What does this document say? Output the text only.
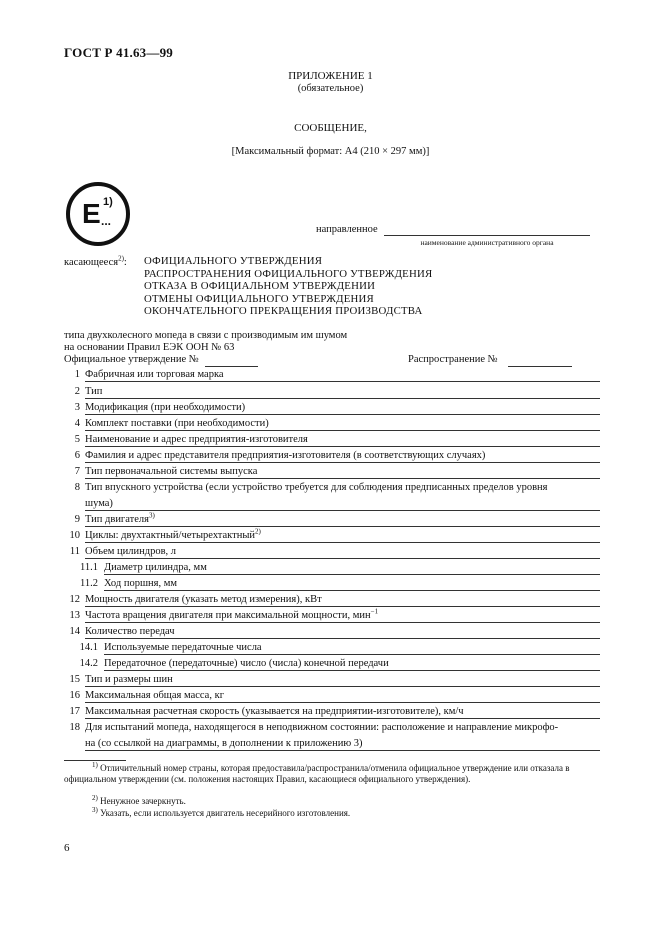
ГОСТ Р 41.63—99
ПРИЛОЖЕНИЕ 1
(обязательное)
СООБЩЕНИЕ,
[Максимальный формат: А4 (210 × 297 мм)]
E 1)
...
направленное
наименование административного органа
касающееся$^{2)}$: ОФИЦИАЛЬНОГО УТВЕРЖДЕНИЯ
РАСПРОСТРАНЕНИЯ ОФИЦИАЛЬНОГО УТВЕРЖДЕНИЯ
ОТКАЗА В ОФИЦИАЛЬНОМ УТВЕРЖДЕНИИ
ОТМЕНЫ ОФИЦИАЛЬНОГО УТВЕРЖДЕНИЯ
ОКОНЧАТЕЛЬНОГО ПРЕКРАЩЕНИЯ ПРОИЗВОДСТВА
типа двухколесного мопеда в связи с производимым им шумом
на основании Правил ЕЭК ООН № 63
Официальное утверждение №	Распространение №
1 Фабричная или торговая марка
2 Тип
3 Модификация (при необходимости)
4 Комплект поставки (при необходимости)
5 Наименование и адрес предприятия-изготовителя
6 Фамилия и адрес представителя предприятия-изготовителя (в соответствующих случаях)
7 Тип первоначальной системы выпуска
8 Тип впускного устройства (если устройство требуется для соблюдения предписанных пределов уровня
шума)
9 Тип двигателя$^{3)}$
10 Циклы: двухтактный/четырехтактный$^{2)}$
11 Объем цилиндров, л
11.1 Диаметр цилиндра, мм
11.2 Ход поршня, мм
12 Мощность двигателя (указать метод измерения), кВт
13 Частота вращения двигателя при максимальной мощности, мин$^{-1}$
14 Количество передач
14.1 Используемые передаточные числа
14.2 Передаточное (передаточные) число (числа) конечной передачи
15 Тип и размеры шин
16 Максимальная общая масса, кг
17 Максимальная расчетная скорость (указывается на предприятии-изготовителе), км/ч
18 Для испытаний мопеда, находящегося в неподвижном состоянии: расположение и направление микрофо-
на (со ссылкой на диаграммы, в дополнении к приложению 3)
$^{1)}$ Отличительный номер страны, которая предоставила/распространила/отменила официальное утверждение или отказала в официальном утверждении (см. положения настоящих Правил, касающиеся официального утверждения).
$^{2)}$ Ненужное зачеркнуть.
$^{3)}$ Указать, если используется двигатель несерийного изготовления.
6
